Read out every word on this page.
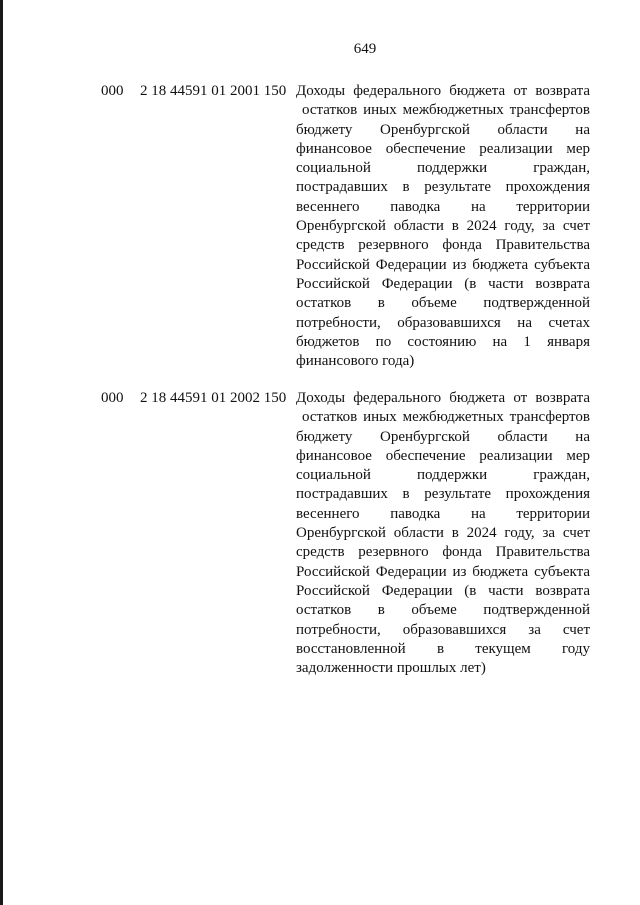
649
000 2 18 44591 01 2001 150 Доходы федерального бюджета от возврата
остатков иных межбюджетных трансфертов
бюджету Оренбургской области на
финансовое обеспечение реализации мер
социальной поддержки граждан,
пострадавших в результате прохождения
весеннего паводка на территории
Оренбургской области в 2024 году, за счет
средств резервного фонда Правительства
Российской Федерации из бюджета субъекта
Российской Федерации (в части возврата
остатков в объеме подтвержденной
потребности, образовавшихся на счетах
бюджетов по состоянию на 1 января
финансового года)
000 2 18 44591 01 2002 150 Доходы федерального бюджета от возврата
остатков иных межбюджетных трансфертов
бюджету Оренбургской области на
финансовое обеспечение реализации мер
социальной поддержки граждан,
пострадавших в результате прохождения
весеннего паводка на территории
Оренбургской области в 2024 году, за счет
средств резервного фонда Правительства
Российской Федерации из бюджета субъекта
Российской Федерации (в части возврата
остатков в объеме подтвержденной
потребности, образовавшихся за счет
восстановленной в текущем году
задолженности прошлых лет)
